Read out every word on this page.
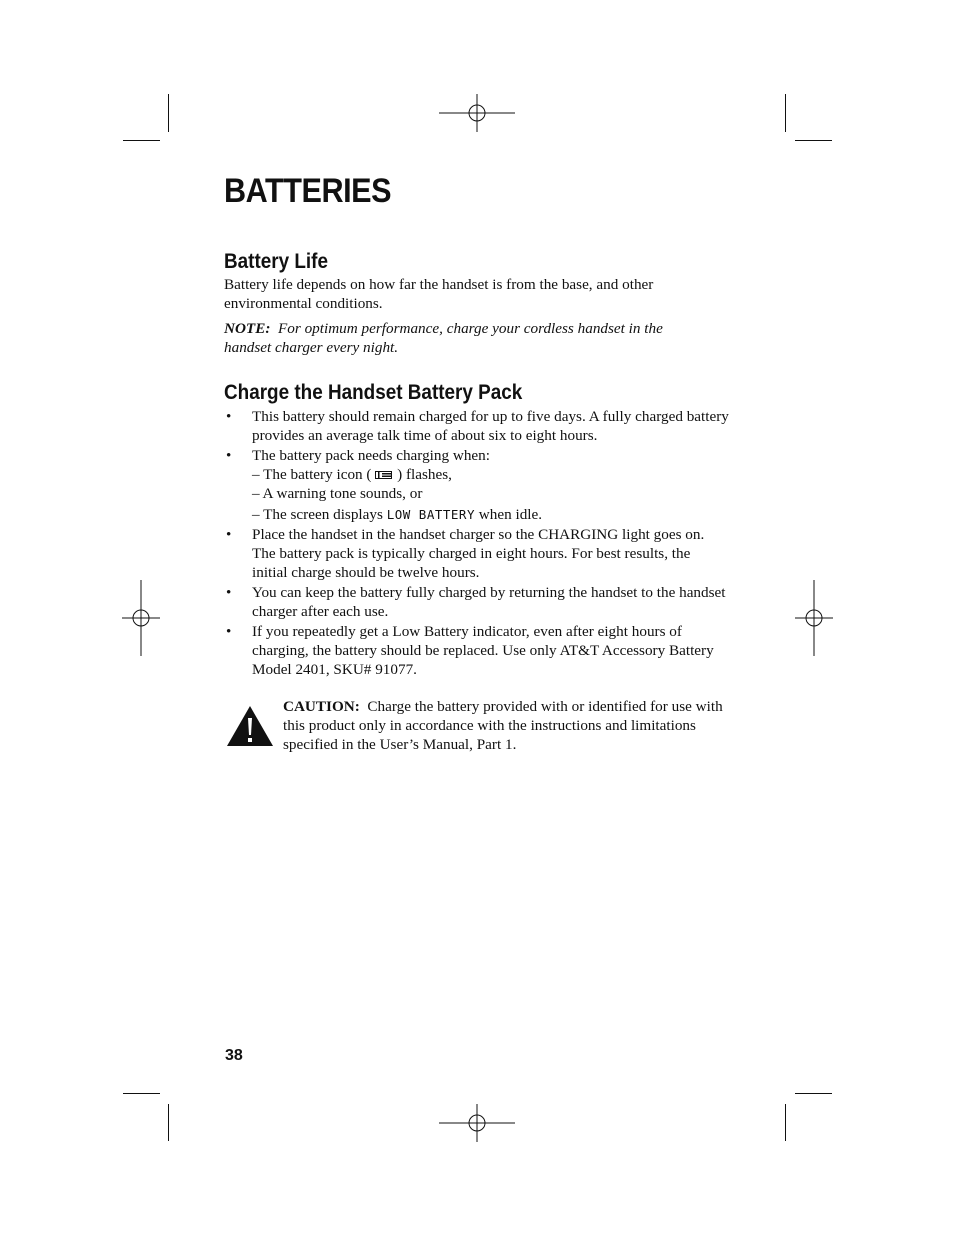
BATTERIES
Battery Life

Battery life depends on how far the handset is from the base, and other environmental conditions.

NOTE: For optimum performance, charge your cordless handset in the handset charger every night.

Charge the Handset Battery Pack
• This battery should remain charged for up to five days. A fully charged battery provides an average talk time of about six to eight hours.
• The battery pack needs charging when:
– The battery icon ( ) flashes,
– A warning tone sounds, or
– The screen displays LOW BATTERY when idle.
• Place the handset in the handset charger so the CHARGING light goes on. The battery pack is typically charged in eight hours. For best results, the initial charge should be twelve hours.
• You can keep the battery fully charged by returning the handset to the handset charger after each use.
• If you repeatedly get a Low Battery indicator, even after eight hours of charging, the battery should be replaced. Use only AT&T Accessory Battery Model 2401, SKU# 91077.

CAUTION: Charge the battery provided with or identified for use with this product only in accordance with the instructions and limitations specified in the User’s Manual, Part 1.

38
